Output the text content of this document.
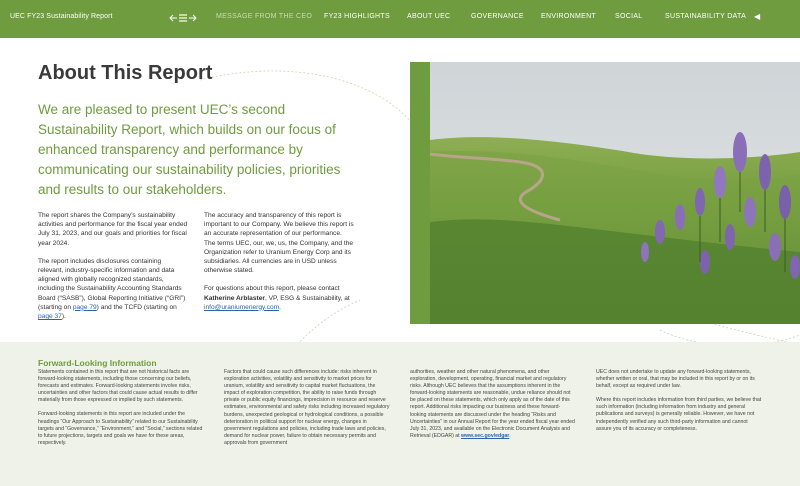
UEC FY23 Sustainability Report	MESSAGE FROM THE CEO FY23 HIGHLIGHTS ABOUT UEC	GOVERNANCE ENVIRONMENT	SOCIAL	SUSTAINABILITY DATA ◀
About This Report
We are pleased to present UEC’s second Sustainability Report, which builds on our focus of enhanced transparency and performance by communicating our sustainability policies, priorities and results to our stakeholders.

The report shares the Company’s sustainability activities and performance for the fiscal year ended July 31, 2023, and our goals and priorities for fiscal year 2024.

The report includes disclosures containing relevant, industry-specific information and data aligned with globally recognized standards, including the Sustainability Accounting Standards Board (“SASB”), Global Reporting Initiative (“GRI”) (starting on page 79) and the TCFD (starting on page 37).

The accuracy and transparency of this report is important to our Company. We believe this report is an accurate representation of our performance. The terms UEC, our, we, us, the Company, and the Organization refer to Uranium Energy Corp and its subsidiaries. All currencies are in USD unless otherwise stated.

For questions about this report, please contact Katherine Arblaster, VP, ESG & Sustainability, at info@uraniumenergy.com.

Forward-Looking Information

Statements contained in this report that are not historical facts are forward-looking statements, including those concerning our beliefs, forecasts and estimates. Forward-looking statements involve risks, uncertainties and other factors that could cause actual results to differ materially from those expressed or implied by such statements.

Forward-looking statements in this report are included under the headings “Our Approach to Sustainability” related to our Sustainability targets and “Governance,” “Environment,” and “Social,” sections related to future projections, targets and goals we have for these areas, respectively.

Factors that could cause such differences include: risks inherent in exploration activities, volatility and sensitivity to market prices for uranium, volatility and sensitivity to capital market fluctuations, the impact of exploration competition, the ability to raise funds through private or public equity financings, imprecision in resource and reserve estimates, environmental and safety risks including increased regulatory burdens, unexpected geological or hydrological conditions, a possible deterioration in political support for nuclear energy, changes in government regulations and policies, including trade laws and policies, demand for nuclear power, failure to obtain necessary permits and approvals from government

authorities, weather and other natural phenomena, and other exploration, development, operating, financial market and regulatory risks. Although UEC believes that the assumptions inherent in the forward-looking statements are reasonable, undue reliance should not be placed on these statements, which only apply as of the date of this report. Additional risks impacting our business and these forward-looking statements are discussed under the heading “Risks and Uncertainties” in our Annual Report for the year ended fiscal year ended July 31, 2023, and available on the Electronic Document Analysis and Retrieval (EDGAR) at www.sec.gov/edgar.

UEC does not undertake to update any forward-looking statements, whether written or oral, that may be included in this report by or on its behalf, except as required under law.

Where this report includes information from third parties, we believe that such information (including information from industry and general publications and surveys) is generally reliable. However, we have not independently verified any such third-party information and cannot assure you of its accuracy or completeness.
